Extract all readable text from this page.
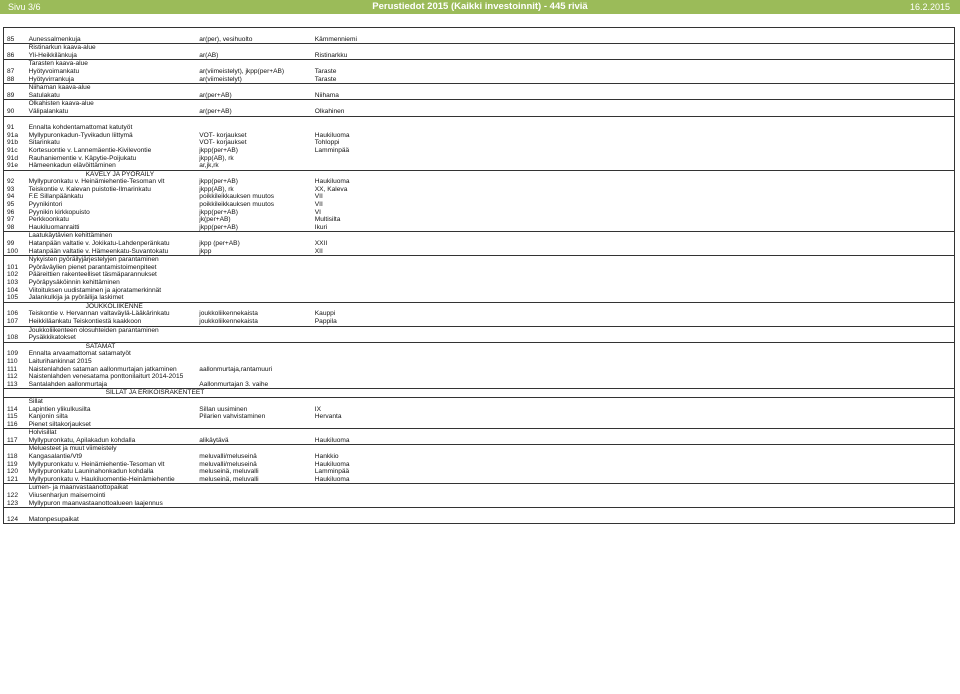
Sivu 3/6	Perustiedot 2015 (Kaikki investoinnit) - 445 riviä	16.2.2015

85	Aunessalmenkuja	ar(per), vesihuolto	Kämmenniemi
	Ristinarkun kaava-alue		
86	Yli-Heikkilänkuja	ar(AB)	Ristinarkku
	Tarasten kaava-alue		
87	Hyötyvoimankatu	ar(viimeistelyt), jkpp(per+AB)	Taraste
88	Hyötyvirrankuja	ar(viimeistelyt)	Taraste
	Niihaman kaava-alue		
89	Satulakatu	ar(per+AB)	Niihama
	Olkahisten kaava-alue		
90	Välipalankatu	ar(per+AB)	Olkahinen

91	Ennalta kohdentamattomat katutyöt		
91a	Myllypuronkadun-Tyvikadun liittymä	VOT- korjaukset	Haukiluoma
91b	Sitarinkatu	VOT- korjaukset	Tohloppi
91c	Kortesuontie v. Lannemäentie-Kivilevontie	jkpp(per+AB)	Lamminpää
91d	Rauhaniementie v. Käpytie-Poijukatu	jkpp(AB), rk	
91e	Hämeenkadun elävöittäminen	ar,jk,rk	
	KÄVELY JA PYÖRÄILY		
92	Myllypuronkatu v. Heinämiehentie-Tesoman vlt	jkpp(per+AB)	Haukiluoma
93	Teiskontie v. Kalevan puistotie-Ilmarinkatu	jkpp(AB), rk	XX, Kaleva
94	F.E Sillanpäänkatu	poikkileikkauksen muutos	VII
95	Pyynikintori	poikkileikkauksen muutos	VII
96	Pyynikin kirkkopuisto	jkpp(per+AB)	VI
97	Perkkoonkatu	jk(per+AB)	Multisilta
98	Haukiluomanraitti	jkpp(per+AB)	Ikuri
	Laatukäytävien kehittäminen		
99	Hatanpään valtatie v. Jokikatu-Lahdenperänkatu	jkpp (per+AB)	XXII
100	Hatanpään valtatie v. Hämeenkatu-Suvantokatu	jkpp	XII
	Nykyisten pyöräilyjärjestelyjen parantaminen		
101	Pyöräväylien pienet parantamistoimenpiteet		
102	Pääreittien rakenteelliset täsmäparannukset		
103	Pyöräpysäköinnin kehittäminen		
104	Viitoituksen uudistaminen ja ajoratamerkinnät		
105	Jalankulkija ja pyöräilija laskimet		
	JOUKKOLIIKENNE		
106	Teiskontie v. Hervannan valtaväylä-Lääkärinkatu	joukkoliikennekaista	Kauppi
107	Heikkiläankatu Teiskontiestä kaakkoon	joukkoliikennekaista	Pappila
	Joukkoliikenteen olosuhteiden parantaminen		
108	Pysäkkikatokset		
	SATAMAT		
109	Ennalta arvaamattomat satamatyöt		
110	Laiturihankinnat 2015		
111	Naistenlahden sataman aallonmurtajan jatkaminen	aallonmurtaja,rantamuuri	
112	Naistenlahden venesatama ponttonilaiturt 2014-2015		
113	Santalahden aallonmurtaja	Aallonmurtajan 3. vaihe	
	SILLAT JA ERIKOISRAKENTEET		
	Sillat		
114	Lapintien ylikulkusilta	Sillan uusiminen	IX
115	Kanjonin silta	Pilarien vahvistaminen	Hervanta
116	Pienet siltakorjaukset		
	Holvisillat		
117	Myllypuronkatu, Apilakadun kohdalla	alikäytävä	Haukiluoma
	Meluesteet ja muut viimeistely		
118	Kangasalantie/Vt9	meluvalli/meluseinä	Hankkio
119	Myllypuronkatu v. Heinämiehentie-Tesoman vlt	meluvalli/meluseinä	Haukiluoma
120	Myllypuronkatu Launinahonkadun kohdalla	meluseinä, meluvalli	Lamminpää
121	Myllypuronkatu v. Haukiluomentie-Heinämiehentie	meluseinä, meluvalli	Haukiluoma
	Lumen- ja maanvastaanottopaikat		
122	Viiusenharjun maisemointi		
123	Myllypuron maanvastaanottoalueen laajennus		

124	Matonpesupaikat		
